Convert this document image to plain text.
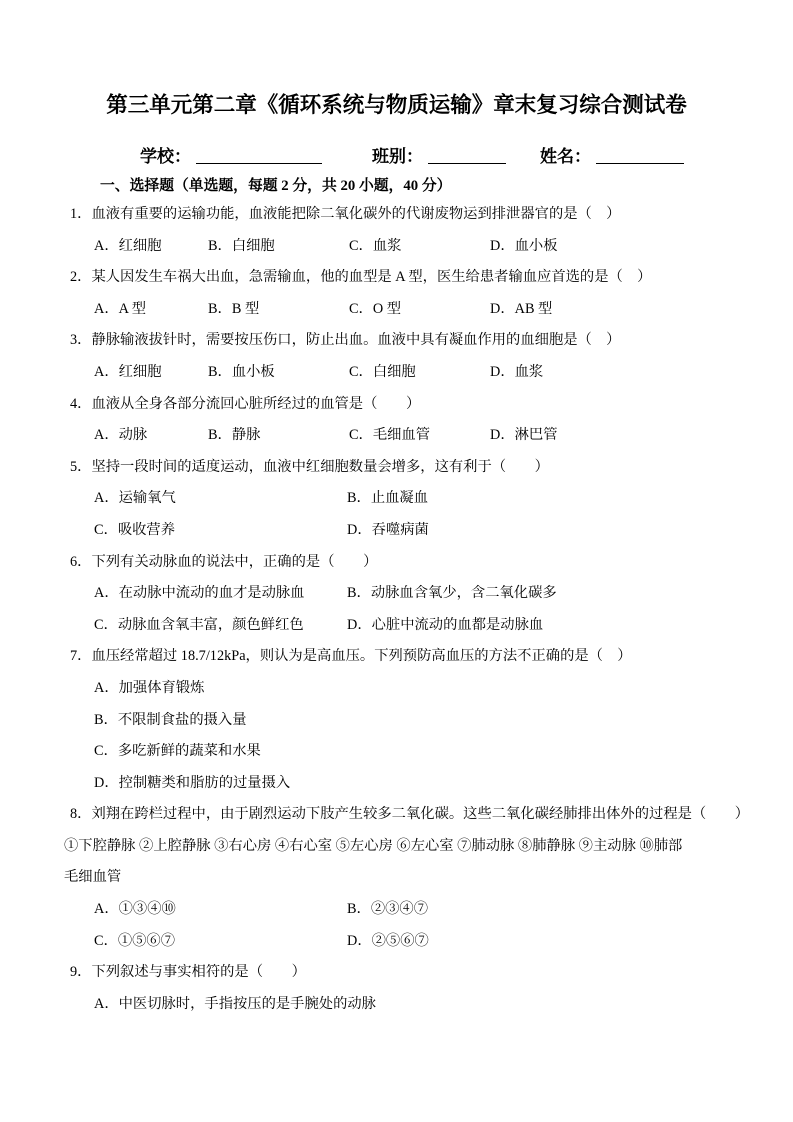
第三单元第二章《循环系统与物质运输》章末复习综合测试卷
学校：	班别：	姓名：
一、选择题（单选题，每题 2 分，共 20 小题，40 分）
1．血液有重要的运输功能，血液能把除二氧化碳外的代谢废物运到排泄器官的是（　）
A．红细胞	B．白细胞	C．血浆	D．血小板
2．某人因发生车祸大出血，急需输血，他的血型是 A 型，医生给患者输血应首选的是（　）
A．A 型	B．B 型	C．O 型	D．AB 型
3．静脉输液拔针时，需要按压伤口，防止出血。血液中具有凝血作用的血细胞是（　）
A．红细胞	B．血小板	C．白细胞	D．血浆
4．血液从全身各部分流回心脏所经过的血管是（　　）
A．动脉	B．静脉	C．毛细血管	D．淋巴管
5．坚持一段时间的适度运动，血液中红细胞数量会增多，这有利于（　　）
A．运输氧气	B．止血凝血
C．吸收营养	D．吞噬病菌
6．下列有关动脉血的说法中，正确的是（　　）
A．在动脉中流动的血才是动脉血	B．动脉血含氧少，含二氧化碳多
C．动脉血含氧丰富，颜色鲜红色	D．心脏中流动的血都是动脉血
7．血压经常超过 18.7/12kPa，则认为是高血压。下列预防高血压的方法不正确的是（　）
A．加强体育锻炼
B．不限制食盐的摄入量
C．多吃新鲜的蔬菜和水果
D．控制糖类和脂肪的过量摄入
8．刘翔在跨栏过程中，由于剧烈运动下肢产生较多二氧化碳。这些二氧化碳经肺排出体外的过程是（　　）
①下腔静脉 ②上腔静脉 ③右心房 ④右心室 ⑤左心房 ⑥左心室 ⑦肺动脉 ⑧肺静脉 ⑨主动脉 ⑩肺部
毛细血管
A．①③④⑩	B．②③④⑦
C．①⑤⑥⑦	D．②⑤⑥⑦
9．下列叙述与事实相符的是（　　）
A．中医切脉时，手指按压的是手腕处的动脉
